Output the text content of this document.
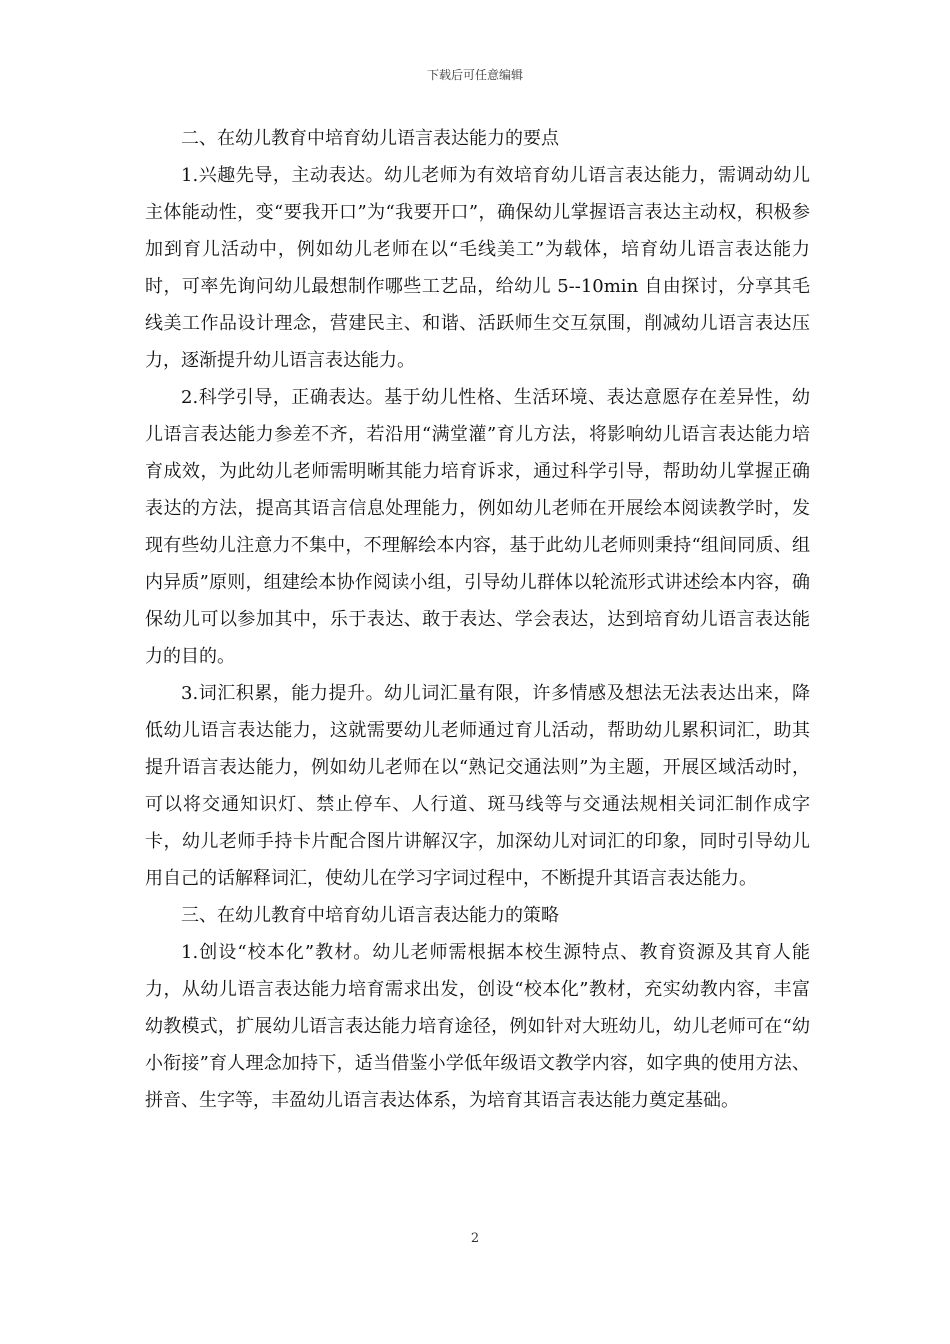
下载后可任意编辑

二、在幼儿教育中培育幼儿语言表达能力的要点

1.兴趣先导，主动表达。幼儿老师为有效培育幼儿语言表达能力，需调动幼儿主体能动性，变“要我开口”为“我要开口”，确保幼儿掌握语言表达主动权，积极参加到育儿活动中，例如幼儿老师在以“毛线美工”为载体，培育幼儿语言表达能力时，可率先询问幼儿最想制作哪些工艺品，给幼儿 5--10min 自由探讨，分享其毛线美工作品设计理念，营建民主、和谐、活跃师生交互氛围，削减幼儿语言表达压力，逐渐提升幼儿语言表达能力。

2.科学引导，正确表达。基于幼儿性格、生活环境、表达意愿存在差异性，幼儿语言表达能力参差不齐，若沿用“满堂灌”育儿方法，将影响幼儿语言表达能力培育成效，为此幼儿老师需明晰其能力培育诉求，通过科学引导，帮助幼儿掌握正确表达的方法，提高其语言信息处理能力，例如幼儿老师在开展绘本阅读教学时，发现有些幼儿注意力不集中，不理解绘本内容，基于此幼儿老师则秉持“组间同质、组内异质”原则，组建绘本协作阅读小组，引导幼儿群体以轮流形式讲述绘本内容，确保幼儿可以参加其中，乐于表达、敢于表达、学会表达，达到培育幼儿语言表达能力的目的。

3.词汇积累，能力提升。幼儿词汇量有限，许多情感及想法无法表达出来，降低幼儿语言表达能力，这就需要幼儿老师通过育儿活动，帮助幼儿累积词汇，助其提升语言表达能力，例如幼儿老师在以“熟记交通法则”为主题，开展区域活动时，可以将交通知识灯、禁止停车、人行道、斑马线等与交通法规相关词汇制作成字卡，幼儿老师手持卡片配合图片讲解汉字，加深幼儿对词汇的印象，同时引导幼儿用自己的话解释词汇，使幼儿在学习字词过程中，不断提升其语言表达能力。

三、在幼儿教育中培育幼儿语言表达能力的策略

1.创设“校本化”教材。幼儿老师需根据本校生源特点、教育资源及其育人能力，从幼儿语言表达能力培育需求出发，创设“校本化”教材，充实幼教内容，丰富幼教模式，扩展幼儿语言表达能力培育途径，例如针对大班幼儿，幼儿老师可在“幼小衔接”育人理念加持下，适当借鉴小学低年级语文教学内容，如字典的使用方法、拼音、生字等，丰盈幼儿语言表达体系，为培育其语言表达能力奠定基础。

2
